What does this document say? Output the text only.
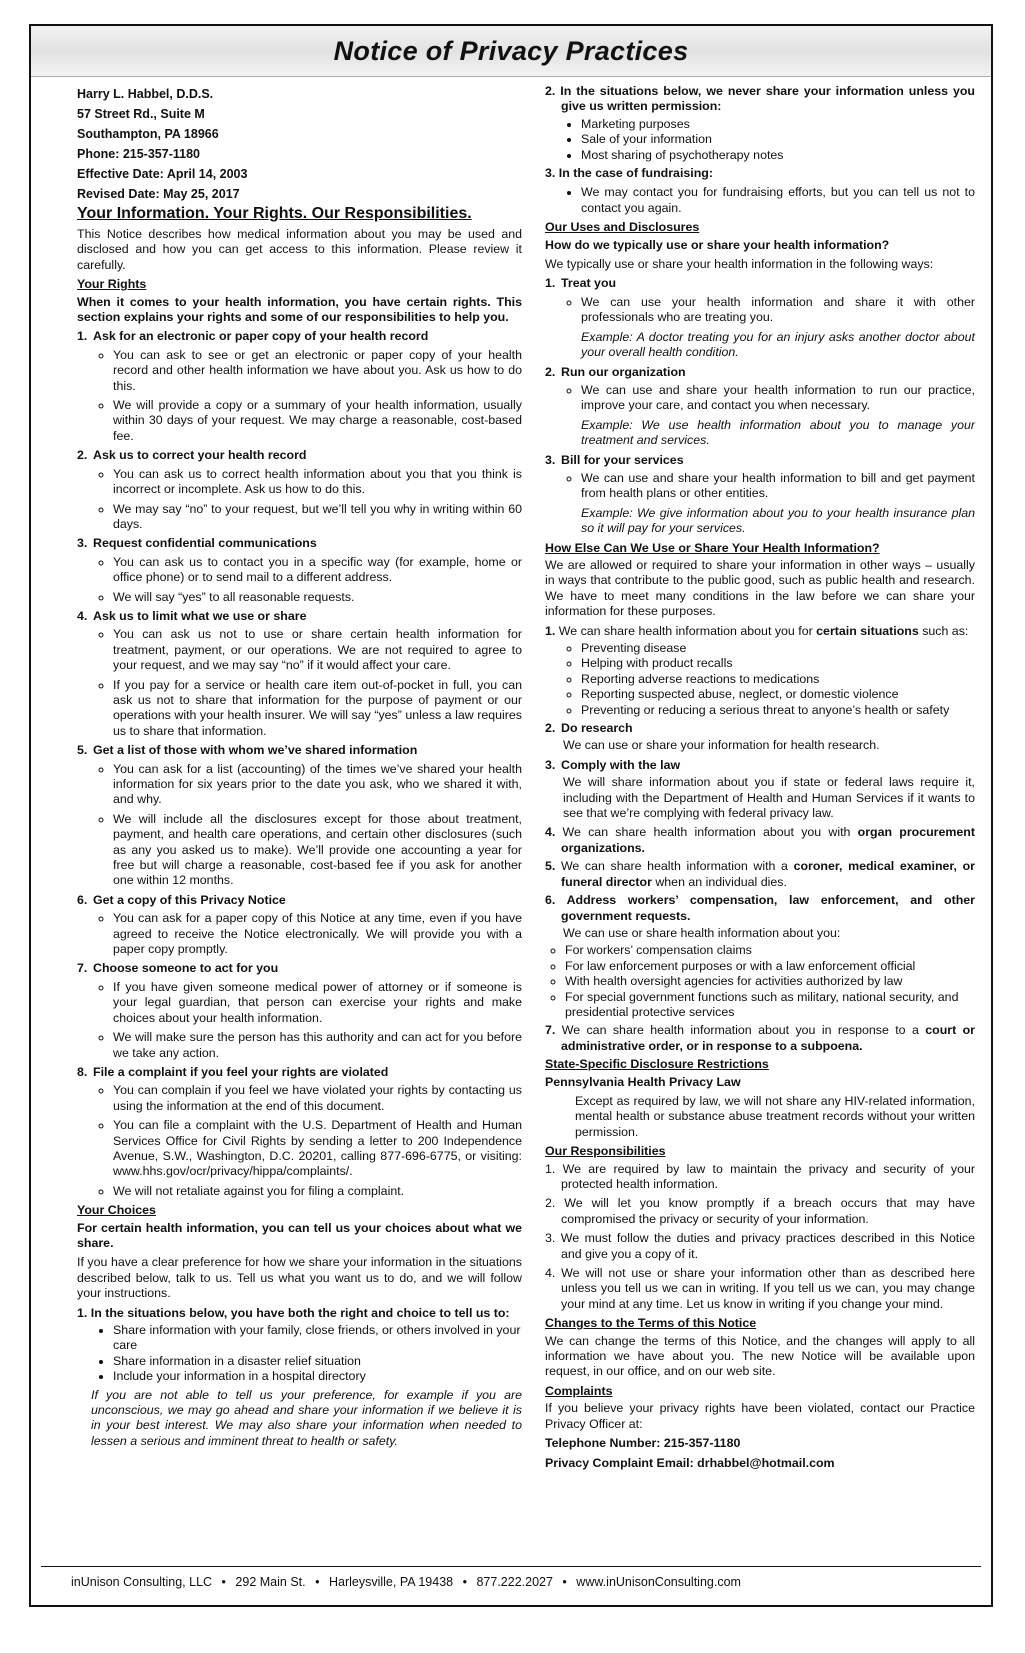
Notice of Privacy Practices

Harry L. Habbel, D.D.S.

57 Street Rd., Suite M

Southampton, PA 18966

Phone: 215-357-1180

Effective Date: April 14, 2003

Revised Date: May 25, 2017

Your Information. Your Rights. Our Responsibilities.

This Notice describes how medical information about you may be used and disclosed and how you can get access to this information. Please review it carefully.

Your Rights

When it comes to your health information, you have certain rights. This section explains your rights and some of our responsibilities to help you.

1. Ask for an electronic or paper copy of your health record
◦ You can ask to see or get an electronic or paper copy of your health record and other health information we have about you. Ask us how to do this.
◦ We will provide a copy or a summary of your health information, usually within 30 days of your request. We may charge a reasonable, cost-based fee.
2. Ask us to correct your health record
◦ You can ask us to correct health information about you that you think is incorrect or incomplete. Ask us how to do this.
◦ We may say “no” to your request, but we’ll tell you why in writing within 60 days.
3. Request confidential communications
◦ You can ask us to contact you in a specific way (for example, home or office phone) or to send mail to a different address.
◦ We will say “yes” to all reasonable requests.
4. Ask us to limit what we use or share
◦ You can ask us not to use or share certain health information for treatment, payment, or our operations. We are not required to agree to your request, and we may say “no” if it would affect your care.
◦ If you pay for a service or health care item out-of-pocket in full, you can ask us not to share that information for the purpose of payment or our operations with your health insurer. We will say “yes” unless a law requires us to share that information.
5. Get a list of those with whom we’ve shared information
◦ You can ask for a list (accounting) of the times we’ve shared your health information for six years prior to the date you ask, who we shared it with, and why.
◦ We will include all the disclosures except for those about treatment, payment, and health care operations, and certain other disclosures (such as any you asked us to make). We’ll provide one accounting a year for free but will charge a reasonable, cost-based fee if you ask for another one within 12 months.
6. Get a copy of this Privacy Notice
◦ You can ask for a paper copy of this Notice at any time, even if you have agreed to receive the Notice electronically. We will provide you with a paper copy promptly.
7. Choose someone to act for you
◦ If you have given someone medical power of attorney or if someone is your legal guardian, that person can exercise your rights and make choices about your health information.
◦ We will make sure the person has this authority and can act for you before we take any action.
8. File a complaint if you feel your rights are violated
◦ You can complain if you feel we have violated your rights by contacting us using the information at the end of this document.
◦ You can file a complaint with the U.S. Department of Health and Human Services Office for Civil Rights by sending a letter to 200 Independence Avenue, S.W., Washington, D.C. 20201, calling 877-696-6775, or visiting: www.hhs.gov/ocr/privacy/hippa/complaints/.
◦ We will not retaliate against you for filing a complaint.

Your Choices

For certain health information, you can tell us your choices about what we share.

If you have a clear preference for how we share your information in the situations described below, talk to us. Tell us what you want us to do, and we will follow your instructions.

1. In the situations below, you have both the right and choice to tell us to:

• Share information with your family, close friends, or others involved in your care
• Share information in a disaster relief situation
• Include your information in a hospital directory

If you are not able to tell us your preference, for example if you are unconscious, we may go ahead and share your information if we believe it is in your best interest. We may also share your information when needed to lessen a serious and imminent threat to health or safety.

2. In the situations below, we never share your information unless you give us written permission:

• Marketing purposes
• Sale of your information
• Most sharing of psychotherapy notes

3. In the case of fundraising:

• We may contact you for fundraising efforts, but you can tell us not to contact you again.

Our Uses and Disclosures

How do we typically use or share your health information?

We typically use or share your health information in the following ways:

1. Treat you
◦ We can use your health information and share it with other professionals who are treating you.

Example: A doctor treating you for an injury asks another doctor about your overall health condition.

2. Run our organization
◦ We can use and share your health information to run our practice, improve your care, and contact you when necessary.

Example: We use health information about you to manage your treatment and services.

3. Bill for your services
◦ We can use and share your health information to bill and get payment from health plans or other entities.

Example: We give information about you to your health insurance plan so it will pay for your services.

How Else Can We Use or Share Your Health Information?

We are allowed or required to share your information in other ways – usually in ways that contribute to the public good, such as public health and research. We have to meet many conditions in the law before we can share your information for these purposes.

1. We can share health information about you for certain situations such as:

◦ Preventing disease
◦ Helping with product recalls
◦ Reporting adverse reactions to medications
◦ Reporting suspected abuse, neglect, or domestic violence
◦ Preventing or reducing a serious threat to anyone’s health or safety
2. Do research

We can use or share your information for health research.

3. Comply with the law

We will share information about you if state or federal laws require it, including with the Department of Health and Human Services if it wants to see that we’re complying with federal privacy law.

4. We can share health information about you with organ procurement organizations.

5. We can share health information with a coroner, medical examiner, or funeral director when an individual dies.

6. Address workers’ compensation, law enforcement, and other government requests.

We can use or share health information about you:

◦ For workers’ compensation claims
◦ For law enforcement purposes or with a law enforcement official
◦ With health oversight agencies for activities authorized by law
◦ For special government functions such as military, national security, and presidential protective services

7. We can share health information about you in response to a court or administrative order, or in response to a subpoena.

State-Specific Disclosure Restrictions

Pennsylvania Health Privacy Law

Except as required by law, we will not share any HIV-related information, mental health or substance abuse treatment records without your written permission.

Our Responsibilities

1. We are required by law to maintain the privacy and security of your protected health information.

2. We will let you know promptly if a breach occurs that may have compromised the privacy or security of your information.

3. We must follow the duties and privacy practices described in this Notice and give you a copy of it.

4. We will not use or share your information other than as described here unless you tell us we can in writing. If you tell us we can, you may change your mind at any time. Let us know in writing if you change your mind.

Changes to the Terms of this Notice

We can change the terms of this Notice, and the changes will apply to all information we have about you. The new Notice will be available upon request, in our office, and on our web site.

Complaints

If you believe your privacy rights have been violated, contact our Practice Privacy Officer at:

Telephone Number: 215-357-1180

Privacy Complaint Email: drhabbel@hotmail.com

inUnison Consulting, LLC • 292 Main St. • Harleysville, PA 19438 • 877.222.2027 • www.inUnisonConsulting.com
